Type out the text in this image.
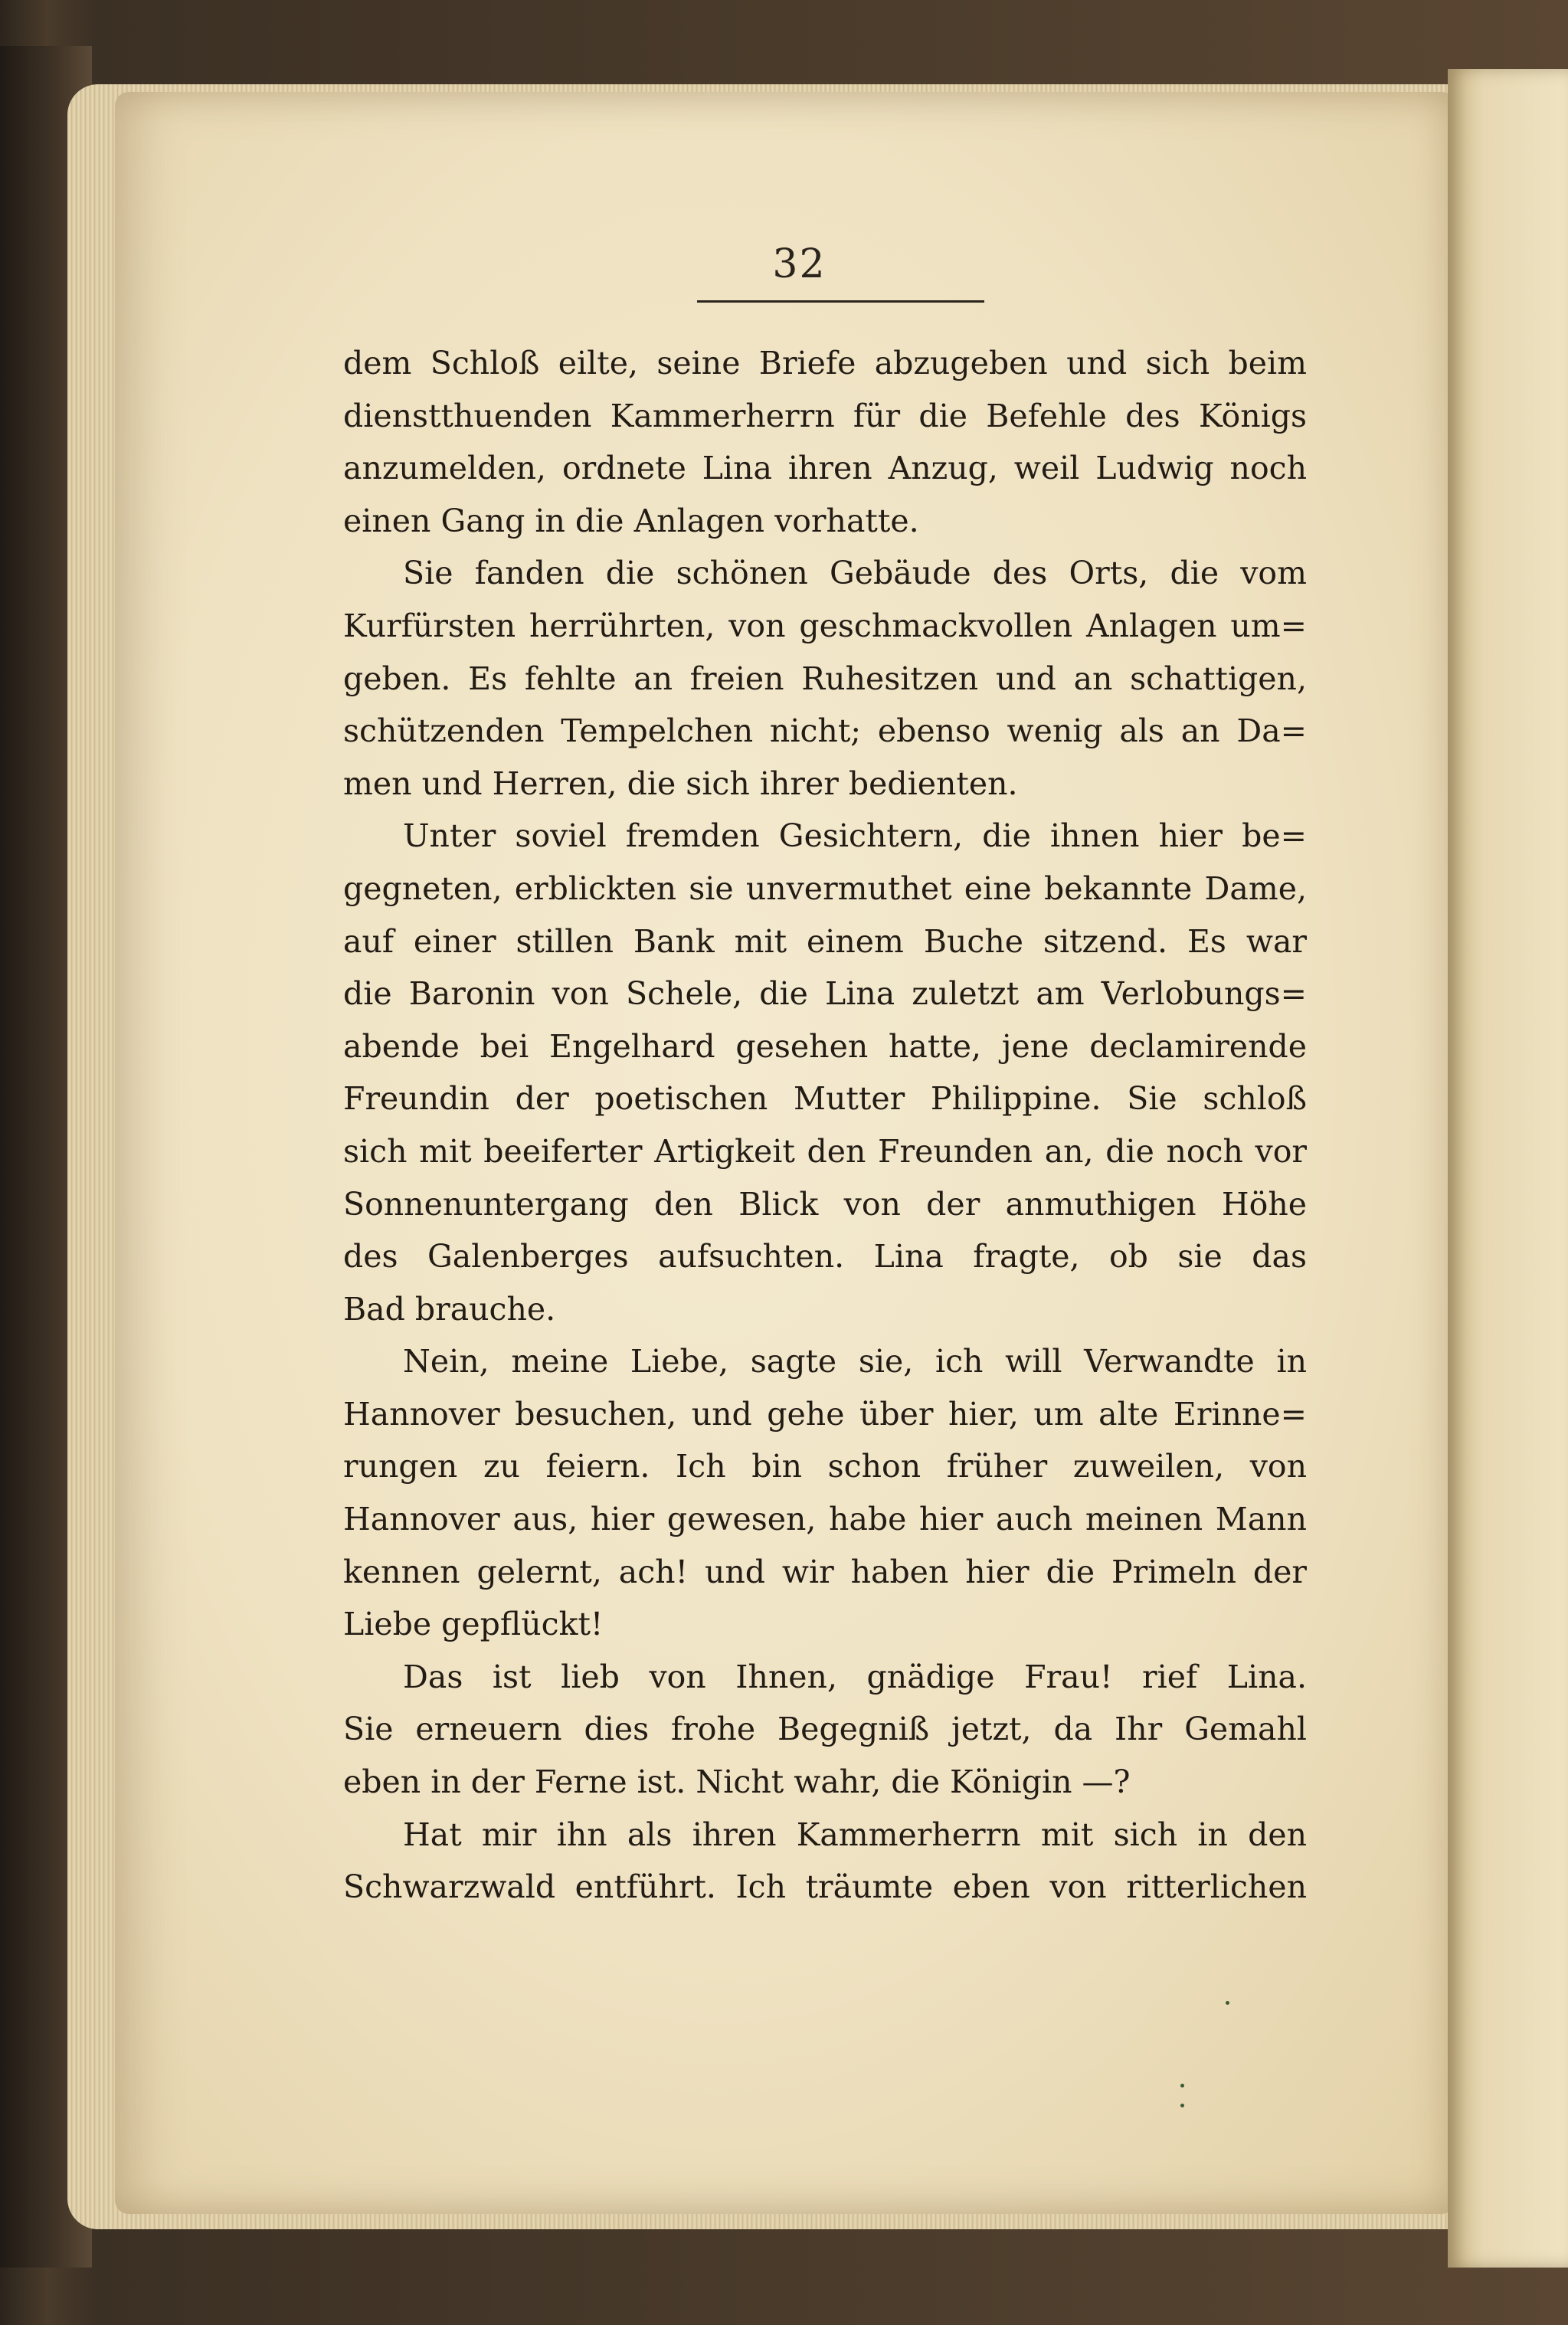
32
dem Schloß eilte, seine Briefe abzugeben und sich beim
dienstthuenden Kammerherrn für die Befehle des Königs
anzumelden, ordnete Lina ihren Anzug, weil Ludwig noch
einen Gang in die Anlagen vorhatte.
Sie fanden die schönen Gebäude des Orts, die vom
Kurfürsten herrührten, von geschmackvollen Anlagen um=
geben. Es fehlte an freien Ruhesitzen und an schattigen,
schützenden Tempelchen nicht; ebenso wenig als an Da=
men und Herren, die sich ihrer bedienten.
Unter soviel fremden Gesichtern, die ihnen hier be=
gegneten, erblickten sie unvermuthet eine bekannte Dame,
auf einer stillen Bank mit einem Buche sitzend. Es war
die Baronin von Schele, die Lina zuletzt am Verlobungs=
abende bei Engelhard gesehen hatte, jene declamirende
Freundin der poetischen Mutter Philippine. Sie schloß
sich mit beeiferter Artigkeit den Freunden an, die noch vor
Sonnenuntergang den Blick von der anmuthigen Höhe
des Galenberges aufsuchten. Lina fragte, ob sie das
Bad brauche.
Nein, meine Liebe, sagte sie, ich will Verwandte in
Hannover besuchen, und gehe über hier, um alte Erinne=
rungen zu feiern. Ich bin schon früher zuweilen, von
Hannover aus, hier gewesen, habe hier auch meinen Mann
kennen gelernt, ach! und wir haben hier die Primeln der
Liebe gepflückt!
Das ist lieb von Ihnen, gnädige Frau! rief Lina.
Sie erneuern dies frohe Begegniß jetzt, da Ihr Gemahl
eben in der Ferne ist. Nicht wahr, die Königin —?
Hat mir ihn als ihren Kammerherrn mit sich in den
Schwarzwald entführt. Ich träumte eben von ritterlichen
